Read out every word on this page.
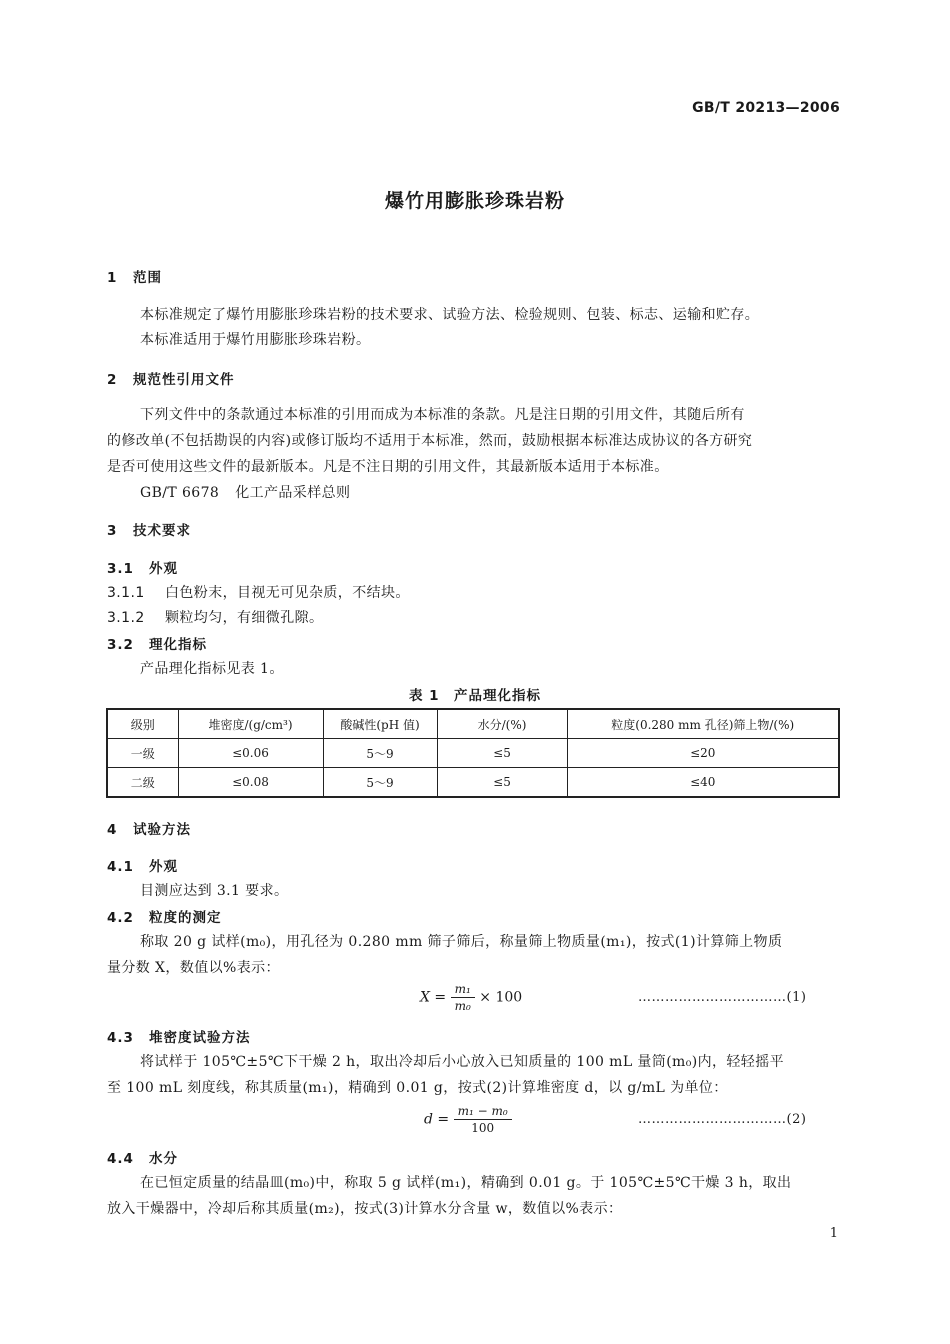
GB/T 20213—2006
爆竹用膨胀珍珠岩粉
1 范围
本标准规定了爆竹用膨胀珍珠岩粉的技术要求、试验方法、检验规则、包装、标志、运输和贮存。
本标准适用于爆竹用膨胀珍珠岩粉。
2 规范性引用文件
下列文件中的条款通过本标准的引用而成为本标准的条款。凡是注日期的引用文件，其随后所有
的修改单(不包括勘误的内容)或修订版均不适用于本标准，然而，鼓励根据本标准达成协议的各方研究
是否可使用这些文件的最新版本。凡是不注日期的引用文件，其最新版本适用于本标准。
GB/T 6678 化工产品采样总则
3 技术要求
3.1 外观
3.1.1 白色粉末，目视无可见杂质，不结块。
3.1.2 颗粒均匀，有细微孔隙。
3.2 理化指标
产品理化指标见表 1。
表 1　产品理化指标
级别	堆密度/(g/cm³)	酸碱性(pH 值)	水分/(%)	粒度(0.280 mm 孔径)筛上物/(%)
一级	≤0.06	5～9	≤5	≤20
二级	≤0.08	5～9	≤5	≤40
4 试验方法
4.1 外观
目测应达到 3.1 要求。
4.2 粒度的测定
称取 20 g 试样(m₀)，用孔径为 0.280 mm 筛子筛后，称量筛上物质量(m₁)，按式(1)计算筛上物质
量分数 X，数值以%表示：
$X = \frac{\text{m₁}}{\text{m₀}} \times 100$	……………………………(1)
4.3 堆密度试验方法
将试样于 105℃±5℃下干燥 2 h，取出冷却后小心放入已知质量的 100 mL 量筒(m₀)内，轻轻摇平
至 100 mL 刻度线，称其质量(m₁)，精确到 0.01 g，按式(2)计算堆密度 d，以 g/mL 为单位：
$d = \frac{\text{m₁ − m₀}}{100}$	……………………………(2)
4.4 水分
在已恒定质量的结晶皿(m₀)中，称取 5 g 试样(m₁)，精确到 0.01 g。于 105℃±5℃干燥 3 h，取出
放入干燥器中，冷却后称其质量(m₂)，按式(3)计算水分含量 w，数值以%表示：
1
